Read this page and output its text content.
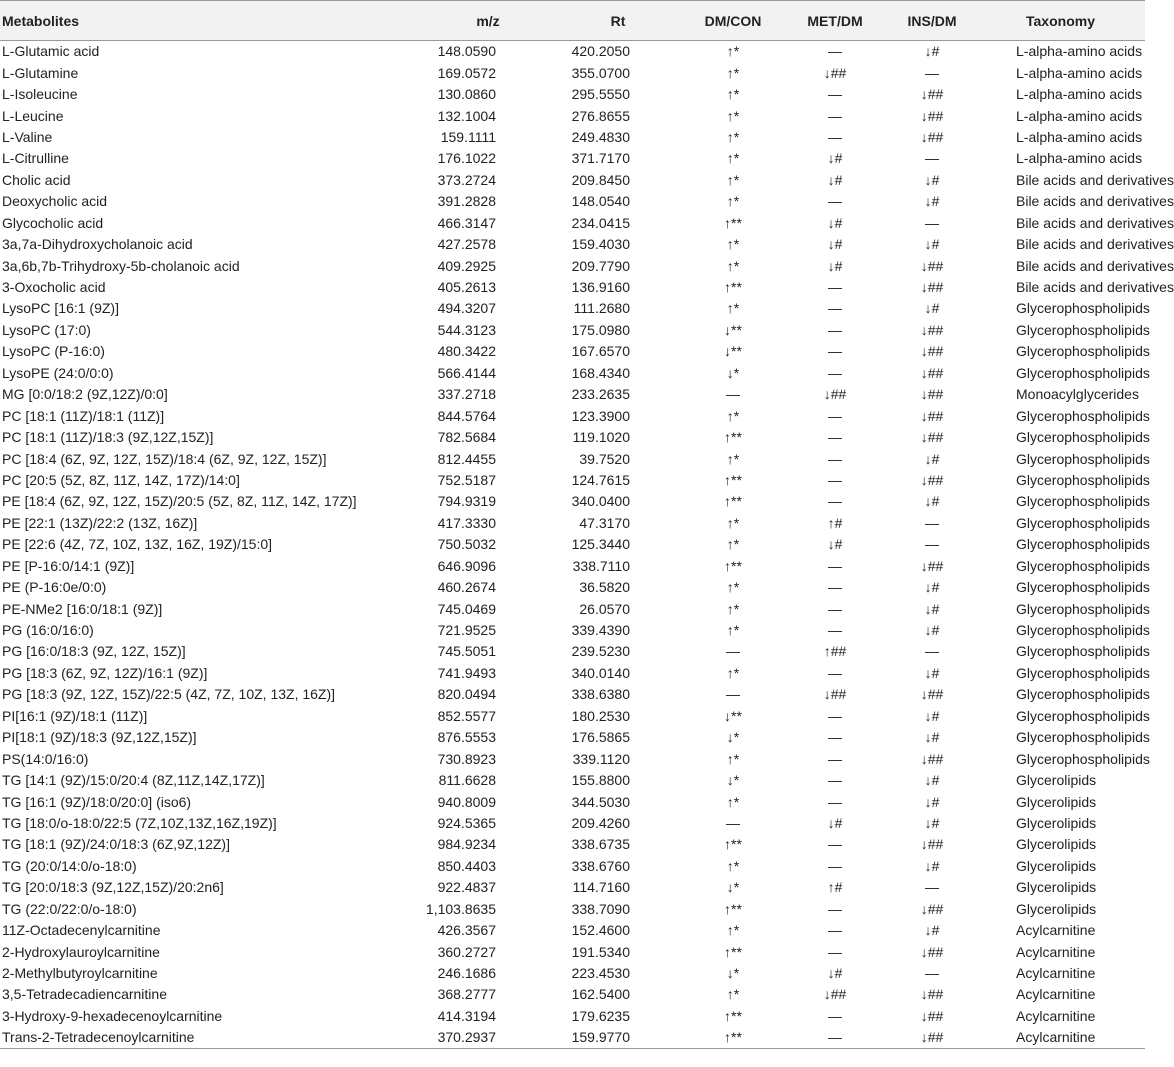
Metabolites	m/z	Rt	DM/CON	MET/DM	INS/DM	Taxonomy
L-Glutamic acid	148.0590	420.2050	↑*	—	↓#	L-alpha-amino acids
L-Glutamine	169.0572	355.0700	↑*	↓##	—	L-alpha-amino acids
L-Isoleucine	130.0860	295.5550	↑*	—	↓##	L-alpha-amino acids
L-Leucine	132.1004	276.8655	↑*	—	↓##	L-alpha-amino acids
L-Valine	159.1111	249.4830	↑*	—	↓##	L-alpha-amino acids
L-Citrulline	176.1022	371.7170	↑*	↓#	—	L-alpha-amino acids
Cholic acid	373.2724	209.8450	↑*	↓#	↓#	Bile acids and derivatives
Deoxycholic acid	391.2828	148.0540	↑*	—	↓#	Bile acids and derivatives
Glycocholic acid	466.3147	234.0415	↑**	↓#	—	Bile acids and derivatives
3a,7a-Dihydroxycholanoic acid	427.2578	159.4030	↑*	↓#	↓#	Bile acids and derivatives
3a,6b,7b-Trihydroxy-5b-cholanoic acid	409.2925	209.7790	↑*	↓#	↓##	Bile acids and derivatives
3-Oxocholic acid	405.2613	136.9160	↑**	—	↓##	Bile acids and derivatives
LysoPC [16:1 (9Z)]	494.3207	111.2680	↑*	—	↓#	Glycerophospholipids
LysoPC (17:0)	544.3123	175.0980	↓**	—	↓##	Glycerophospholipids
LysoPC (P-16:0)	480.3422	167.6570	↓**	—	↓##	Glycerophospholipids
LysoPE (24:0/0:0)	566.4144	168.4340	↓*	—	↓##	Glycerophospholipids
MG [0:0/18:2 (9Z,12Z)/0:0]	337.2718	233.2635	—	↓##	↓##	Monoacylglycerides
PC [18:1 (11Z)/18:1 (11Z)]	844.5764	123.3900	↑*	—	↓##	Glycerophospholipids
PC [18:1 (11Z)/18:3 (9Z,12Z,15Z)]	782.5684	119.1020	↑**	—	↓##	Glycerophospholipids
PC [18:4 (6Z, 9Z, 12Z, 15Z)/18:4 (6Z, 9Z, 12Z, 15Z)]	812.4455	39.7520	↑*	—	↓#	Glycerophospholipids
PC [20:5 (5Z, 8Z, 11Z, 14Z, 17Z)/14:0]	752.5187	124.7615	↑**	—	↓##	Glycerophospholipids
PE [18:4 (6Z, 9Z, 12Z, 15Z)/20:5 (5Z, 8Z, 11Z, 14Z, 17Z)]	794.9319	340.0400	↑**	—	↓#	Glycerophospholipids
PE [22:1 (13Z)/22:2 (13Z, 16Z)]	417.3330	47.3170	↑*	↑#	—	Glycerophospholipids
PE [22:6 (4Z, 7Z, 10Z, 13Z, 16Z, 19Z)/15:0]	750.5032	125.3440	↑*	↓#	—	Glycerophospholipids
PE [P-16:0/14:1 (9Z)]	646.9096	338.7110	↑**	—	↓##	Glycerophospholipids
PE (P-16:0e/0:0)	460.2674	36.5820	↑*	—	↓#	Glycerophospholipids
PE-NMe2 [16:0/18:1 (9Z)]	745.0469	26.0570	↑*	—	↓#	Glycerophospholipids
PG (16:0/16:0)	721.9525	339.4390	↑*	—	↓#	Glycerophospholipids
PG [16:0/18:3 (9Z, 12Z, 15Z)]	745.5051	239.5230	—	↑##	—	Glycerophospholipids
PG [18:3 (6Z, 9Z, 12Z)/16:1 (9Z)]	741.9493	340.0140	↑*	—	↓#	Glycerophospholipids
PG [18:3 (9Z, 12Z, 15Z)/22:5 (4Z, 7Z, 10Z, 13Z, 16Z)]	820.0494	338.6380	—	↓##	↓##	Glycerophospholipids
PI[16:1 (9Z)/18:1 (11Z)]	852.5577	180.2530	↓**	—	↓#	Glycerophospholipids
PI[18:1 (9Z)/18:3 (9Z,12Z,15Z)]	876.5553	176.5865	↓*	—	↓#	Glycerophospholipids
PS(14:0/16:0)	730.8923	339.1120	↑*	—	↓##	Glycerophospholipids
TG [14:1 (9Z)/15:0/20:4 (8Z,11Z,14Z,17Z)]	811.6628	155.8800	↓*	—	↓#	Glycerolipids
TG [16:1 (9Z)/18:0/20:0] (iso6)	940.8009	344.5030	↑*	—	↓#	Glycerolipids
TG [18:0/o-18:0/22:5 (7Z,10Z,13Z,16Z,19Z)]	924.5365	209.4260	—	↓#	↓#	Glycerolipids
TG [18:1 (9Z)/24:0/18:3 (6Z,9Z,12Z)]	984.9234	338.6735	↑**	—	↓##	Glycerolipids
TG (20:0/14:0/o-18:0)	850.4403	338.6760	↑*	—	↓#	Glycerolipids
TG [20:0/18:3 (9Z,12Z,15Z)/20:2n6]	922.4837	114.7160	↓*	↑#	—	Glycerolipids
TG (22:0/22:0/o-18:0)	1,103.8635	338.7090	↑**	—	↓##	Glycerolipids
11Z-Octadecenylcarnitine	426.3567	152.4600	↑*	—	↓#	Acylcarnitine
2-Hydroxylauroylcarnitine	360.2727	191.5340	↑**	—	↓##	Acylcarnitine
2-Methylbutyroylcarnitine	246.1686	223.4530	↓*	↓#	—	Acylcarnitine
3,5-Tetradecadiencarnitine	368.2777	162.5400	↑*	↓##	↓##	Acylcarnitine
3-Hydroxy-9-hexadecenoylcarnitine	414.3194	179.6235	↑**	—	↓##	Acylcarnitine
Trans-2-Tetradecenoylcarnitine	370.2937	159.9770	↑**	—	↓##	Acylcarnitine
